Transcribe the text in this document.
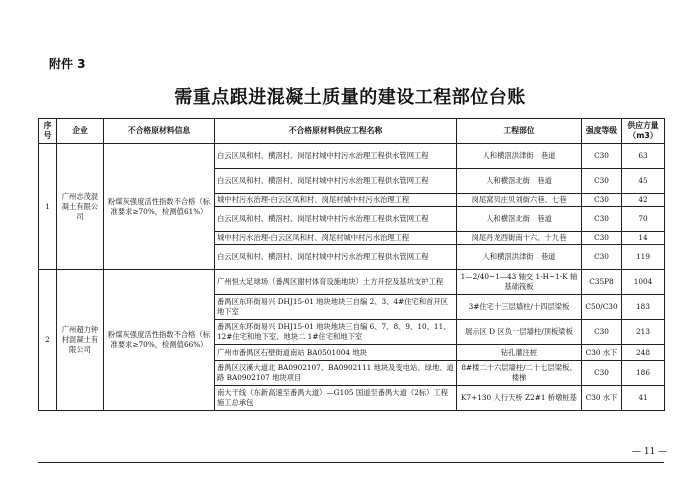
附件 3
需重点跟进混凝土质量的建设工程部位台账
序号	企业	不合格原材料信息	不合格原材料供应工程名称	工程部位	强度等级	供应方量（m3）
1	广州志茂混凝土有限公司	粉煤灰强度活性指数不合格（标准要求≥70%，检测值61%）	白云区凤和村、横滘村、岗尾村城中村污水治理工程供水管网工程	人和横滘洪津街　巷道	C30	63
			白云区凤和村、横滘村、岗尾村城中村污水治理工程供水管网工程	人和横滘北街　巷道	C30	45
			城中村污水治理-白云区凤和村、岗尾村城中村污水治理工程	岗尾窝贝庄贝刘街六巷、七巷	C30	42
			白云区凤和村、横滘村、岗尾村城中村污水治理工程供水管网工程	人和横滘北街　巷道	C30	70
			城中村污水治理-白云区凤和村、岗尾村城中村污水治理工程	岗尾丹龙西街南十六、十九巷	C30	14
			白云区凤和村、横滘村、岗尾村城中村污水治理工程供水管网工程	人和横滘洪津街　巷道	C30	119
2	广州超力钟村混凝土有限公司	粉煤灰强度活性指数不合格（标准要求≥70%，检测值66%）	广州恒大足球场（番禺区谢村体育设施地块）土方开挖及基坑支护工程	1—2/40~1—43 轴交 1-H~1-K 轴基础筏板	C35P8	1004
			番禺区东环街易兴 DHJ15-01 地块地块三自编 2、3、4#住宅和首开区地下室	3#住宅十三层墙柱/十四层梁板	C50/C30	183
			番禺区东环街易兴 DHJ15-01 地块地块三自编 6、7、8、9、10、11、12#住宅和地下室、地块二 1#住宅和地下室	展示区 D 区负一层墙柱/顶板梁板	C30	213
			广州市番禺区石壁街道南站 BA0501004 地块	钻孔灌注桩	C30 水下	248
			番禺区汉溪大道北 BA0902107、BA0902111 地块及变电站、绿地、道路 BA0902107 地块项目	8#楼二十六层墙柱/二十七层梁板、楼梯	C30	186
			南大干线（东新高速至番禺大道）—G105 国道至番禺大道（2标）工程施工总承包	K7+130 人行天桥 Z2#1 桥墩桩基	C30 水下	41
— 11 —
